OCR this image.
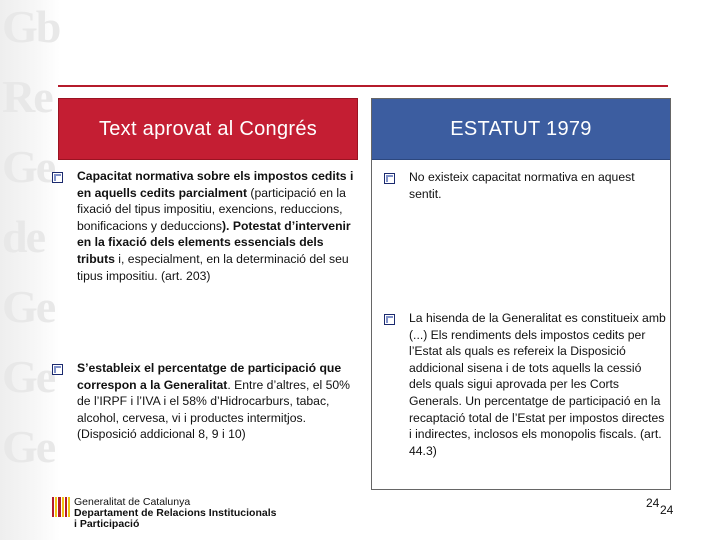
Gb
Re
Ge
de
Ge
Ge
Ge
Text aprovat al Congrés
Capacitat normativa sobre els impostos cedits i en aquells cedits parcialment (participació en la fixació del tipus impositiu, exencions, reduccions, bonificacions y deduccions). Potestat d’intervenir en la fixació dels elements essencials dels tributs i, especialment, en la determinació del seu tipus impositiu. (art. 203)
S’estableix el percentatge de participació que correspon a la Generalitat. Entre d’altres, el 50% de l’IRPF i l’IVA i el 58% d’Hidrocarburs, tabac, alcohol, cervesa, vi i productes intermitjos. (Disposició addicional 8, 9 i 10)
ESTATUT 1979
No existeix capacitat normativa en aquest sentit.
La hisenda de la Generalitat es constitueix amb (...) Els rendiments dels impostos cedits per l’Estat als quals es refereix la Disposició addicional sisena i de tots aquells la cessió dels quals sigui aprovada per les Corts Generals. Un percentatge de participació en la recaptació total de l’Estat per impostos directes i indirectes, inclosos els monopolis fiscals. (art. 44.3)
Generalitat de Catalunya
Departament de Relacions Institucionals
i Participació
24 24
